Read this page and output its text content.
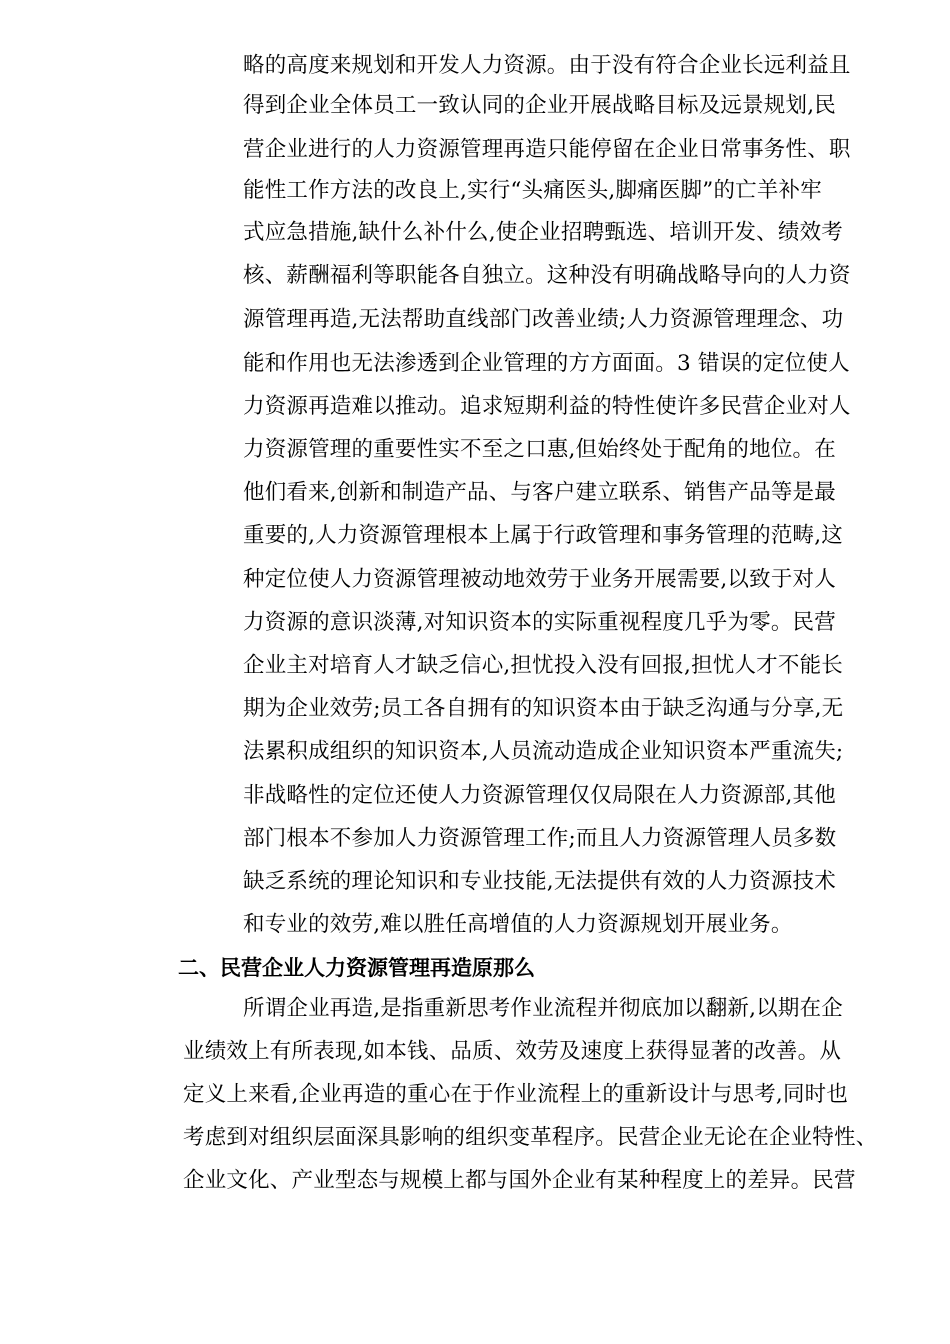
略的高度来规划和开发人力资源。由于没有符合企业长远利益且
得到企业全体员工一致认同的企业开展战略目标及远景规划,民
营企业进行的人力资源管理再造只能停留在企业日常事务性、职
能性工作方法的改良上,实行“头痛医头,脚痛医脚”的亡羊补牢
式应急措施,缺什么补什么,使企业招聘甄选、培训开发、绩效考
核、薪酬福利等职能各自独立。这种没有明确战略导向的人力资
源管理再造,无法帮助直线部门改善业绩;人力资源管理理念、功
能和作用也无法渗透到企业管理的方方面面。3 错误的定位使人
力资源再造难以推动。追求短期利益的特性使许多民营企业对人
力资源管理的重要性实不至之口惠,但始终处于配角的地位。在
他们看来,创新和制造产品、与客户建立联系、销售产品等是最
重要的,人力资源管理根本上属于行政管理和事务管理的范畴,这
种定位使人力资源管理被动地效劳于业务开展需要,以致于对人
力资源的意识淡薄,对知识资本的实际重视程度几乎为零。民营
企业主对培育人才缺乏信心,担忧投入没有回报,担忧人才不能长
期为企业效劳;员工各自拥有的知识资本由于缺乏沟通与分享,无
法累积成组织的知识资本,人员流动造成企业知识资本严重流失;
非战略性的定位还使人力资源管理仅仅局限在人力资源部,其他
部门根本不参加人力资源管理工作;而且人力资源管理人员多数
缺乏系统的理论知识和专业技能,无法提供有效的人力资源技术
和专业的效劳,难以胜任高增值的人力资源规划开展业务。
二、民营企业人力资源管理再造原那么
所谓企业再造,是指重新思考作业流程并彻底加以翻新,以期在企
业绩效上有所表现,如本钱、品质、效劳及速度上获得显著的改善。从
定义上来看,企业再造的重心在于作业流程上的重新设计与思考,同时也
考虑到对组织层面深具影响的组织变革程序。民营企业无论在企业特性、
企业文化、产业型态与规模上都与国外企业有某种程度上的差异。民营
